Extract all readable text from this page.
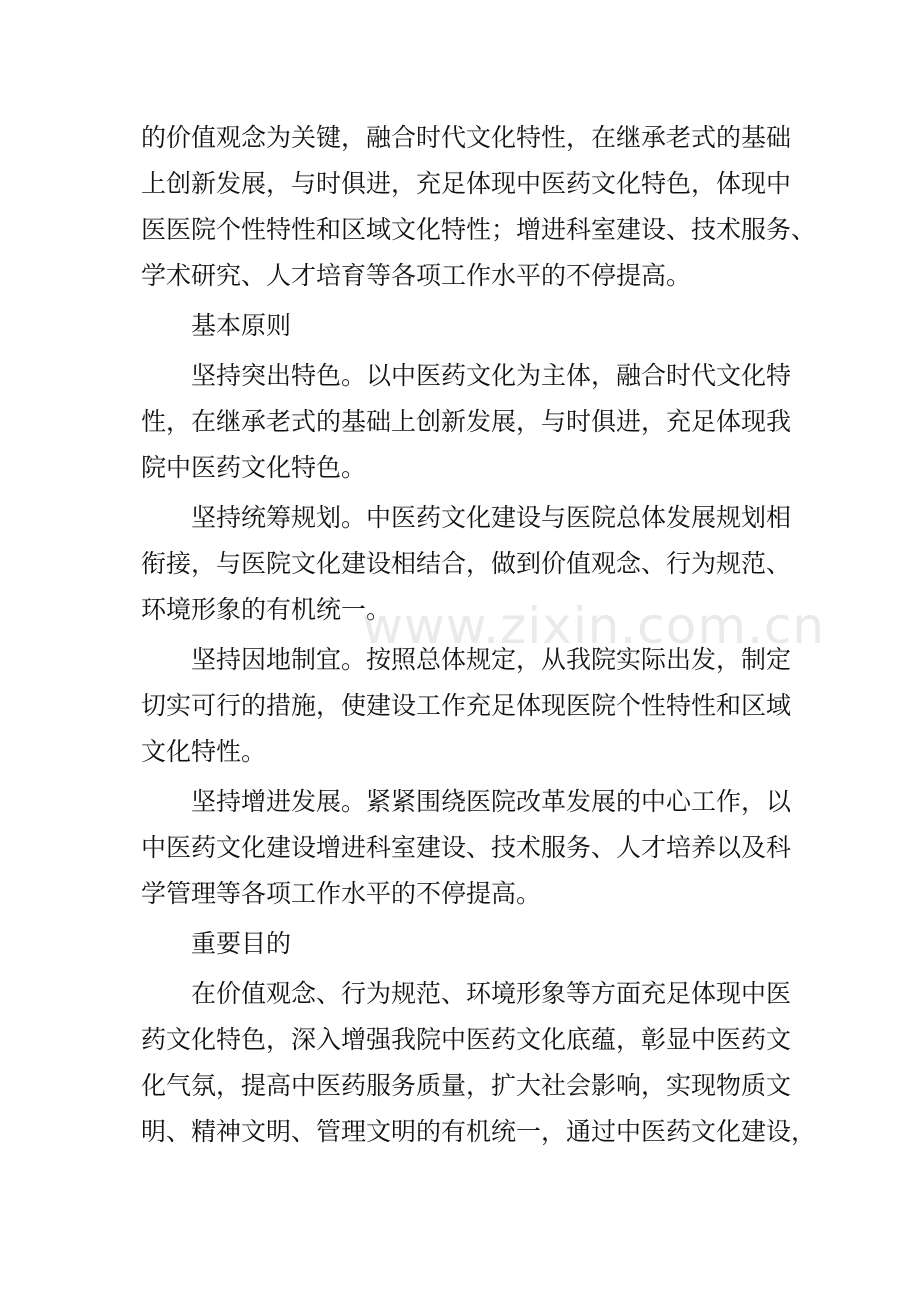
的价值观念为关键，融合时代文化特性，在继承老式的基础
上创新发展，与时俱进，充足体现中医药文化特色，体现中
医医院个性特性和区域文化特性；增进科室建设、技术服务、
学术研究、人才培育等各项工作水平的不停提高。
基本原则
坚持突出特色。以中医药文化为主体，融合时代文化特
性，在继承老式的基础上创新发展，与时俱进，充足体现我
院中医药文化特色。
坚持统筹规划。中医药文化建设与医院总体发展规划相
衔接，与医院文化建设相结合，做到价值观念、行为规范、
环境形象的有机统一。
坚持因地制宜。按照总体规定，从我院实际出发，制定
切实可行的措施，使建设工作充足体现医院个性特性和区域
文化特性。
坚持增进发展。紧紧围绕医院改革发展的中心工作，以
中医药文化建设增进科室建设、技术服务、人才培养以及科
学管理等各项工作水平的不停提高。
重要目的
在价值观念、行为规范、环境形象等方面充足体现中医
药文化特色，深入增强我院中医药文化底蕴，彰显中医药文
化气氛，提高中医药服务质量，扩大社会影响，实现物质文
明、精神文明、管理文明的有机统一，通过中医药文化建设，
www.zixin.com.cn
